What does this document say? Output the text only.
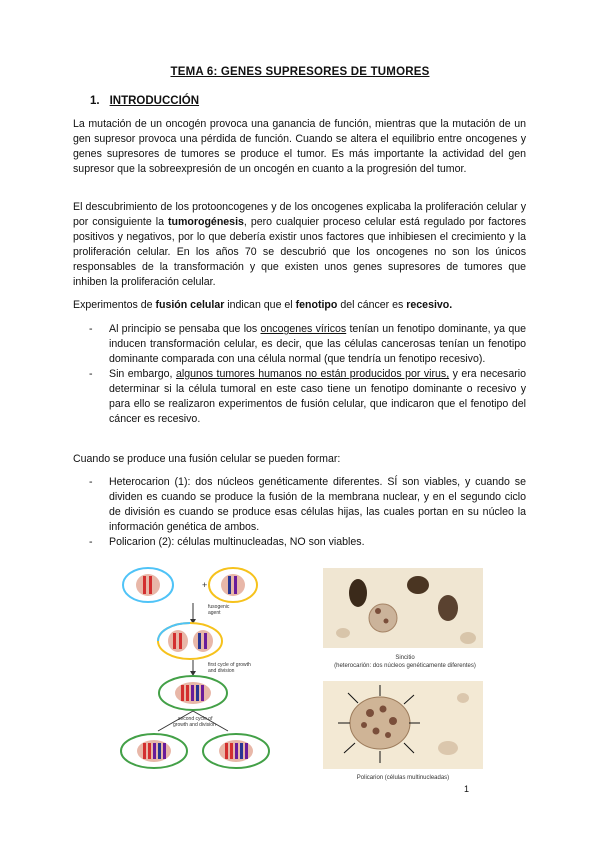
TEMA 6: GENES SUPRESORES DE TUMORES
1. INTRODUCCIÓN
La mutación de un oncogén provoca una ganancia de función, mientras que la mutación de un gen supresor provoca una pérdida de función. Cuando se altera el equilibrio entre oncogenes y genes supresores de tumores se produce el tumor. Es más importante la actividad del gen supresor que la sobreexpresión de un oncogén en cuanto a la progresión del tumor.
El descubrimiento de los protooncogenes y de los oncogenes explicaba la proliferación celular y por consiguiente la tumorogénesis, pero cualquier proceso celular está regulado por factores positivos y negativos, por lo que debería existir unos factores que inhibiesen el crecimiento y la proliferación celular. En los años 70 se descubrió que los oncogenes no son los únicos responsables de la transformación y que existen unos genes supresores de tumores que inhiben la proliferación celular.
Experimentos de fusión celular indican que el fenotipo del cáncer es recesivo.
- Al principio se pensaba que los oncogenes víricos tenían un fenotipo dominante, ya que inducen transformación celular, es decir, que las células cancerosas tenían un fenotipo dominante comparada con una célula normal (que tendría un fenotipo recesivo).
- Sin embargo, algunos tumores humanos no están producidos por virus, y era necesario determinar si la célula tumoral en este caso tiene un fenotipo dominante o recesivo y para ello se realizaron experimentos de fusión celular, que indicaron que el fenotipo del cáncer es recesivo.
Cuando se produce una fusión celular se pueden formar:
- Heterocarion (1): dos núcleos genéticamente diferentes. SÍ son viables, y cuando se dividen es cuando se produce la fusión de la membrana nuclear, y en el segundo ciclo de división es cuando se produce esas células hijas, las cuales portan en su núcleo la información genética de ambos.
- Policarion (2): células multinucleadas, NO son viables.
+
fusogenic
agent
first cycle of growth
and division
second cycle of
growth and division
Sincitio
(heterocarión: dos núcleos genéticamente diferentes)
Policarion (células multinucleadas)
1
